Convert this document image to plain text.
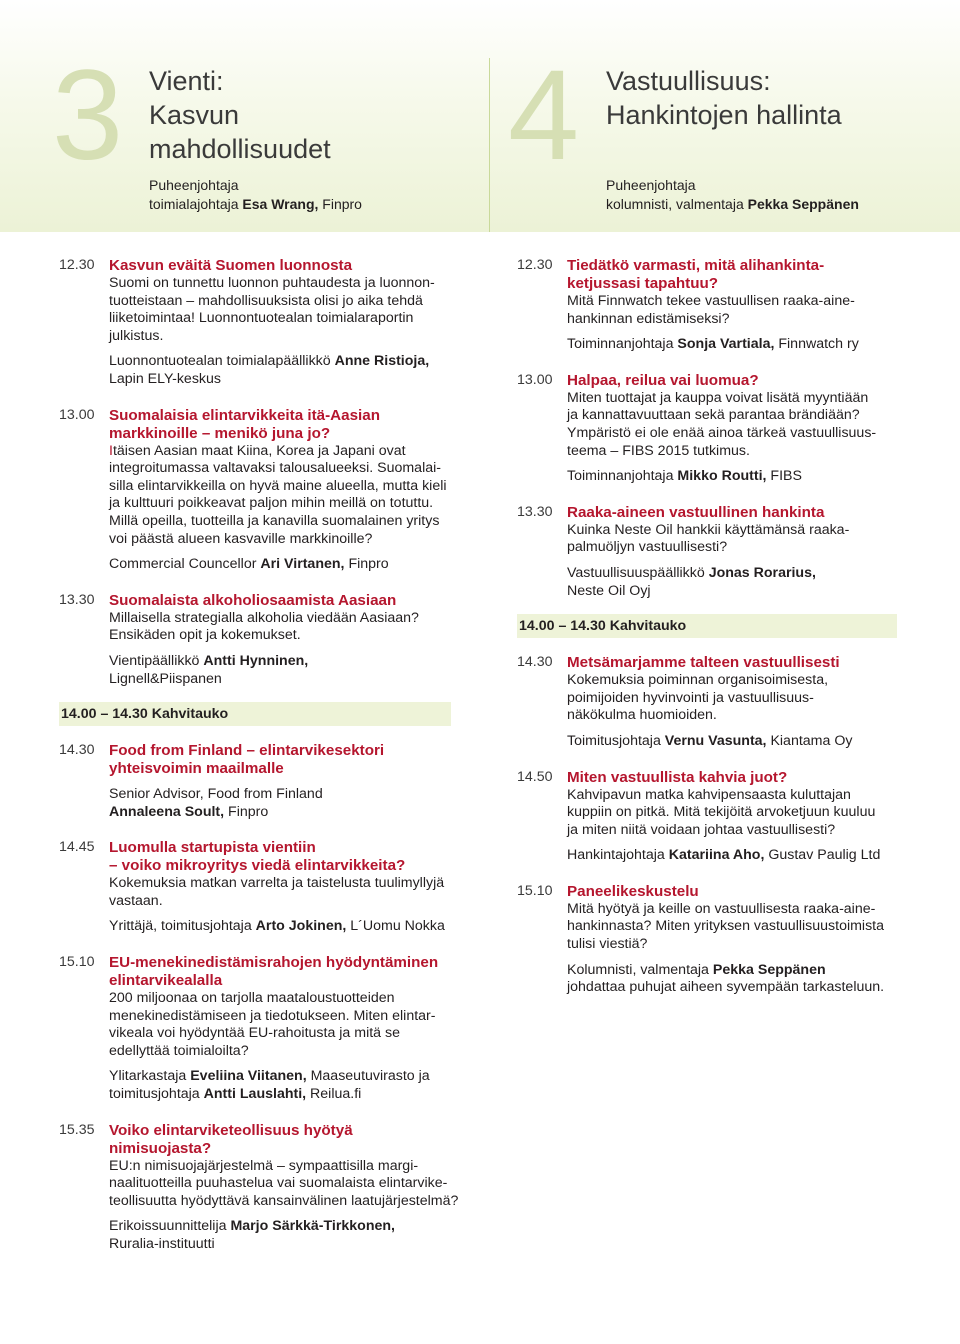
3 Vienti:
Kasvun
mahdollisuudet
Puheenjohtaja
toimialajohtaja Esa Wrang, Finpro
4 Vastuullisuus:
Hankintojen hallinta
Puheenjohtaja
kolumnisti, valmentaja Pekka Seppänen
12.30 Kasvun eväitä Suomen luonnosta
Suomi on tunnettu luonnon puhtaudesta ja luonnon-
tuotteistaan – mahdollisuuksista olisi jo aika tehdä
liiketoimintaa! Luonnontuotealan toimialaraportin
julkistus.
Luonnontuotealan toimialapäällikkö Anne Ristioja,
Lapin ELY-keskus
13.00 Suomalaisia elintarvikkeita itä-Aasian
markkinoille – menikö juna jo?
Itäisen Aasian maat Kiina, Korea ja Japani ovat
integroitumassa valtavaksi talousalueeksi. Suomalai-
silla elintarvikkeilla on hyvä maine alueella, mutta kieli
ja kulttuuri poikkeavat paljon mihin meillä on totuttu.
Millä opeilla, tuotteilla ja kanavilla suomalainen yritys
voi päästä alueen kasvaville markkinoille?
Commercial Councellor Ari Virtanen, Finpro
13.30 Suomalaista alkoholiosaamista Aasiaan
Millaisella strategialla alkoholia viedään Aasiaan?
Ensikäden opit ja kokemukset.
Vientipäällikkö Antti Hynninen,
Lignell&Piispanen
14.00 – 14.30 Kahvitauko
14.30 Food from Finland – elintarvikesektori
yhteisvoimin maailmalle
Senior Advisor, Food from Finland
Annaleena Soult, Finpro
14.45 Luomulla startupista vientiin
– voiko mikroyritys viedä elintarvikkeita?
Kokemuksia matkan varrelta ja taistelusta tuulimyllyjä
vastaan.
Yrittäjä, toimitusjohtaja Arto Jokinen, L´Uomu Nokka
15.10 EU-menekinedistämisrahojen hyödyntäminen
elintarvikealalla
200 miljoonaa on tarjolla maataloustuotteiden
menekinedistämiseen ja tiedotukseen. Miten elintar-
vikeala voi hyödyntää EU-rahoitusta ja mitä se
edellyttää toimialoilta?
Ylitarkastaja Eveliina Viitanen, Maaseutuvirasto ja
toimitusjohtaja Antti Lauslahti, Reilua.fi
15.35 Voiko elintarviketeollisuus hyötyä
nimisuojasta?
EU:n nimisuojajärjestelmä – sympaattisilla margi-
naalituotteilla puuhastelua vai suomalaista elintarvike-
teollisuutta hyödyttävä kansainvälinen laatujärjestelmä?
Erikoissuunnittelija Marjo Särkkä-Tirkkonen,
Ruralia-instituutti
12.30 Tiedätkö varmasti, mitä alihankinta-
ketjussasi tapahtuu?
Mitä Finnwatch tekee vastuullisen raaka-aine-
hankinnan edistämiseksi?
Toiminnanjohtaja Sonja Vartiala, Finnwatch ry
13.00 Halpaa, reilua vai luomua?
Miten tuottajat ja kauppa voivat lisätä myyntiään
ja kannattavuuttaan sekä parantaa brändiään?
Ympäristö ei ole enää ainoa tärkeä vastuullisuus-
teema – FIBS 2015 tutkimus.
Toiminnanjohtaja Mikko Routti, FIBS
13.30 Raaka-aineen vastuullinen hankinta
Kuinka Neste Oil hankkii käyttämänsä raaka-
palmuöljyn vastuullisesti?
Vastuullisuuspäällikkö Jonas Rorarius,
Neste Oil Oyj
14.00 – 14.30 Kahvitauko
14.30 Metsämarjamme talteen vastuullisesti
Kokemuksia poiminnan organisoimisesta,
poimijoiden hyvinvointi ja vastuullisuus-
näkökulma huomioiden.
Toimitusjohtaja Vernu Vasunta, Kiantama Oy
14.50 Miten vastuullista kahvia juot?
Kahvipavun matka kahvipensaasta kuluttajan
kuppiin on pitkä. Mitä tekijöitä arvoketjuun kuuluu
ja miten niitä voidaan johtaa vastuullisesti?
Hankintajohtaja Katariina Aho, Gustav Paulig Ltd
15.10 Paneelikeskustelu
Mitä hyötyä ja keille on vastuullisesta raaka-aine-
hankinnasta? Miten yrityksen vastuullisuustoimista
tulisi viestiä?
Kolumnisti, valmentaja Pekka Seppänen
johdattaa puhujat aiheen syvempään tarkasteluun.
